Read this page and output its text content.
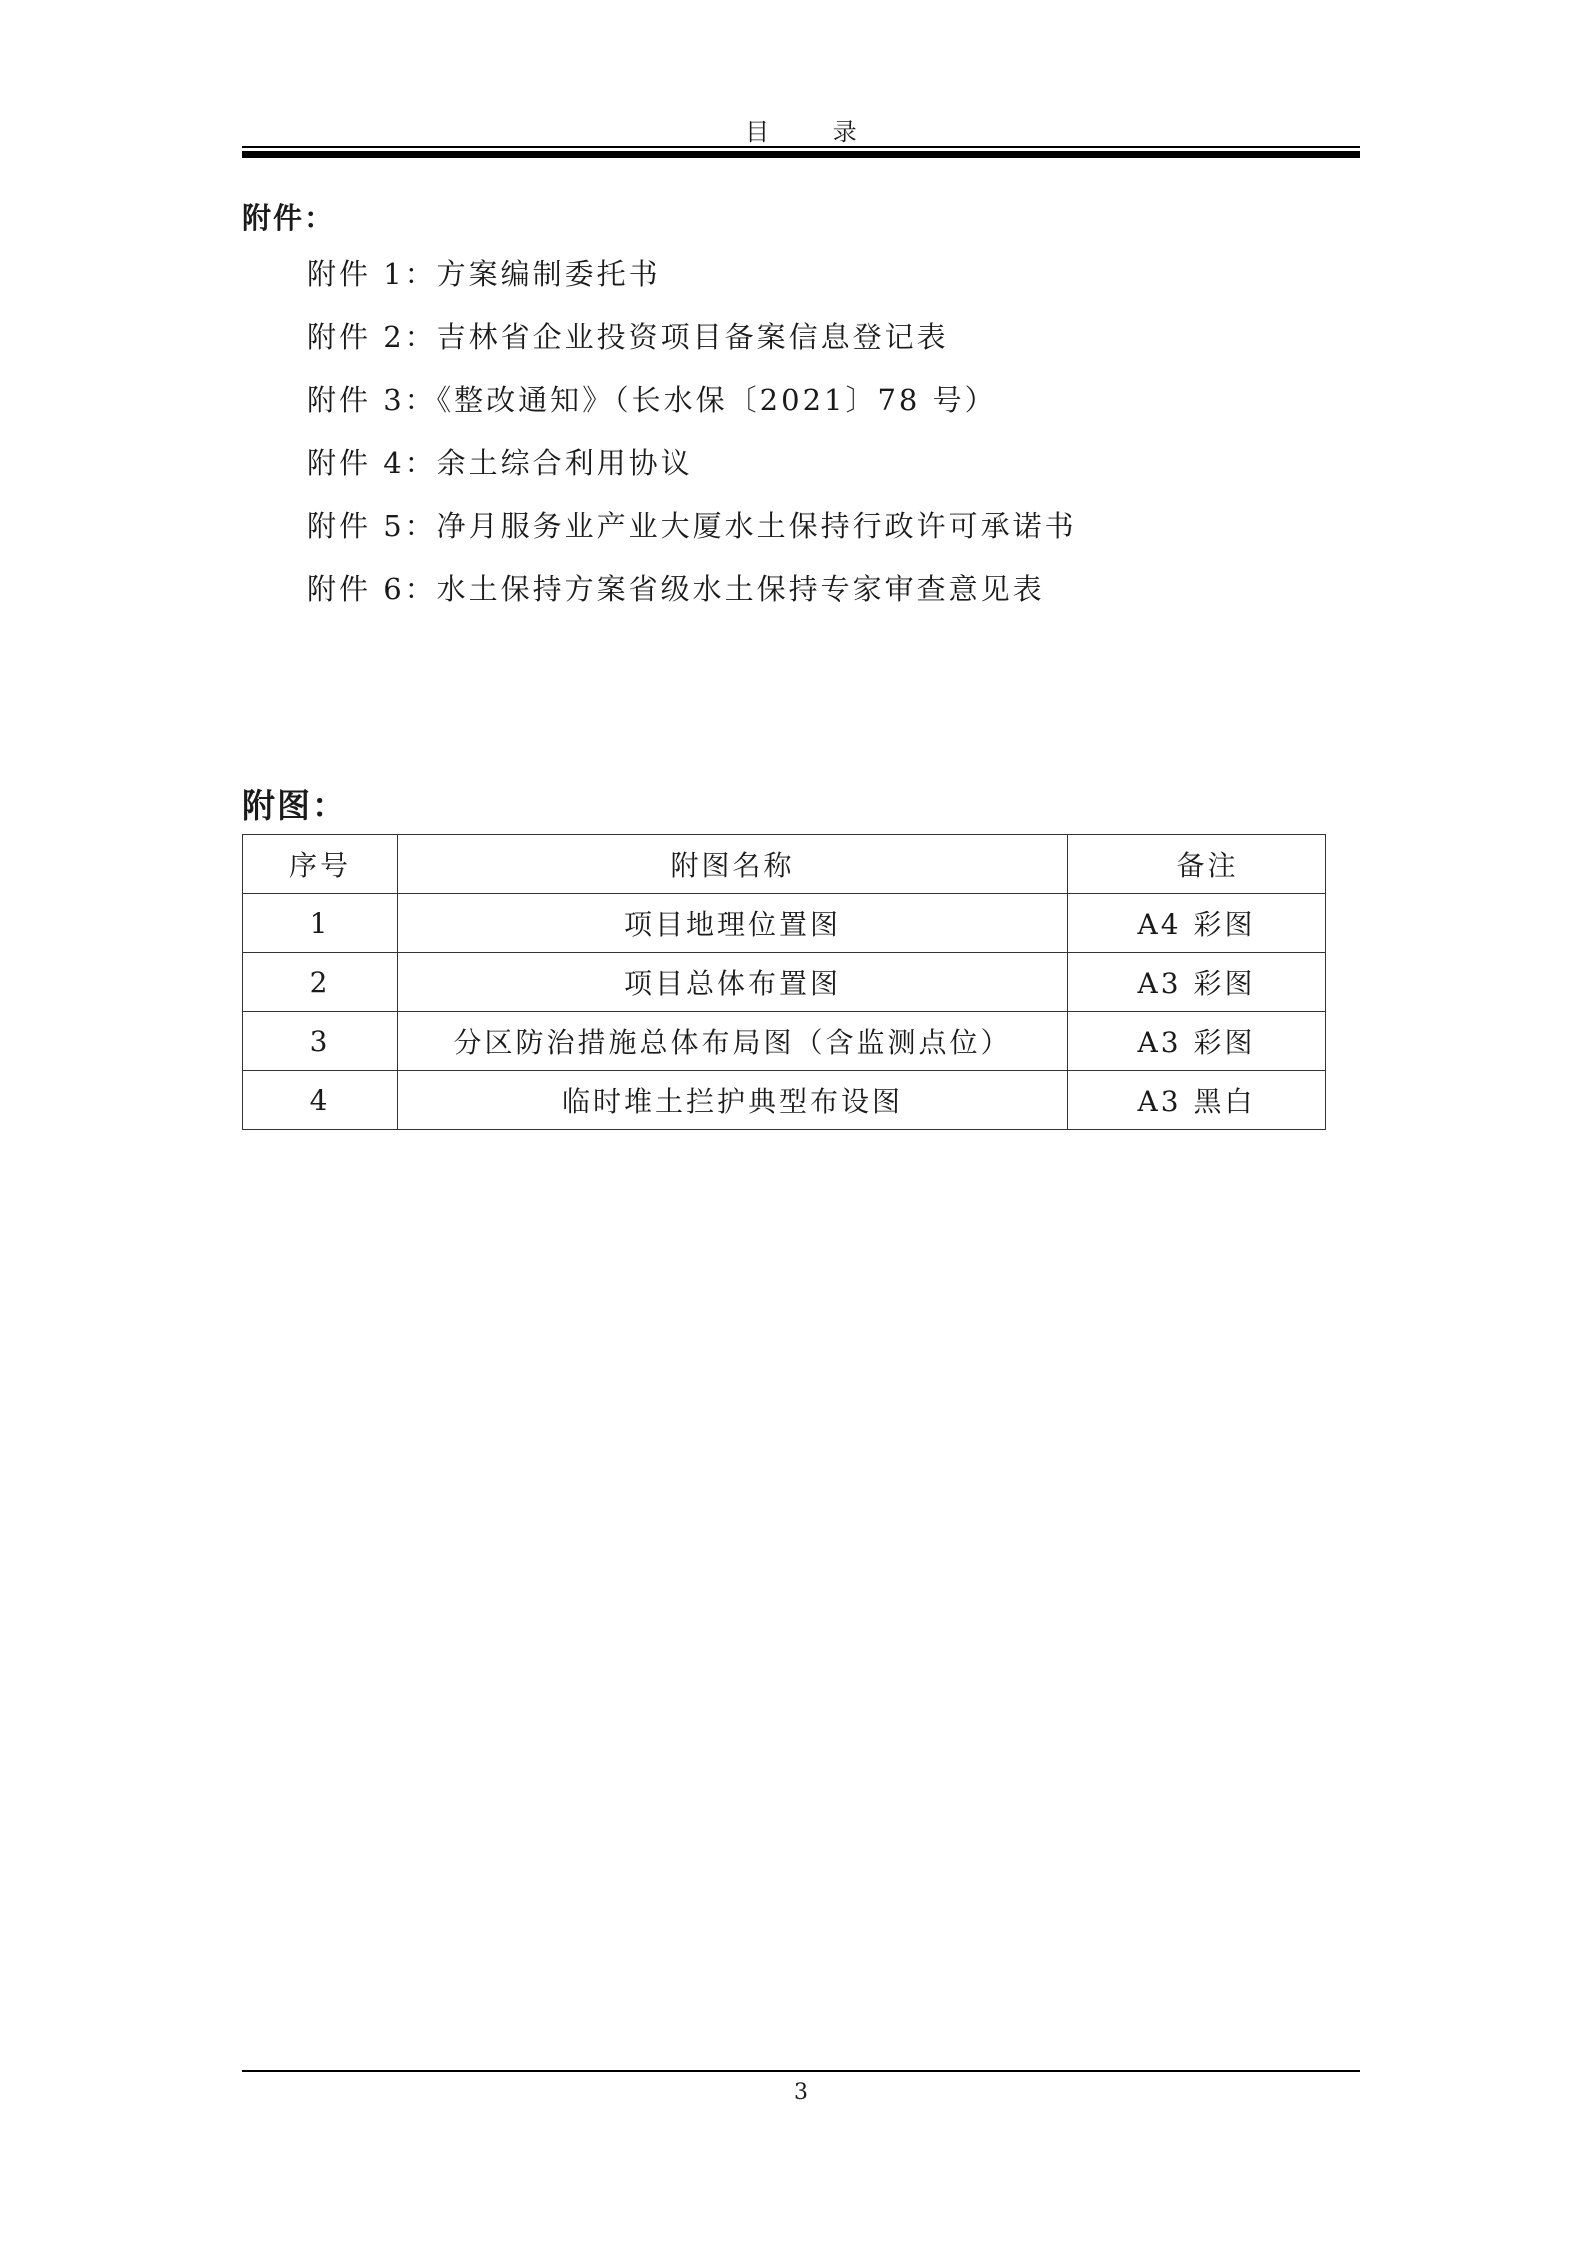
目 录
附件：
附件 1：方案编制委托书
附件 2：吉林省企业投资项目备案信息登记表
附件 3：《整改通知》（长水保〔2021〕78 号）
附件 4：余土综合利用协议
附件 5：净月服务业产业大厦水土保持行政许可承诺书
附件 6：水土保持方案省级水土保持专家审查意见表
附图：
序号	附图名称	备注
1	项目地理位置图	A4 彩图
2	项目总体布置图	A3 彩图
3	分区防治措施总体布局图（含监测点位）	A3 彩图
4	临时堆土拦护典型布设图	A3 黑白
3
